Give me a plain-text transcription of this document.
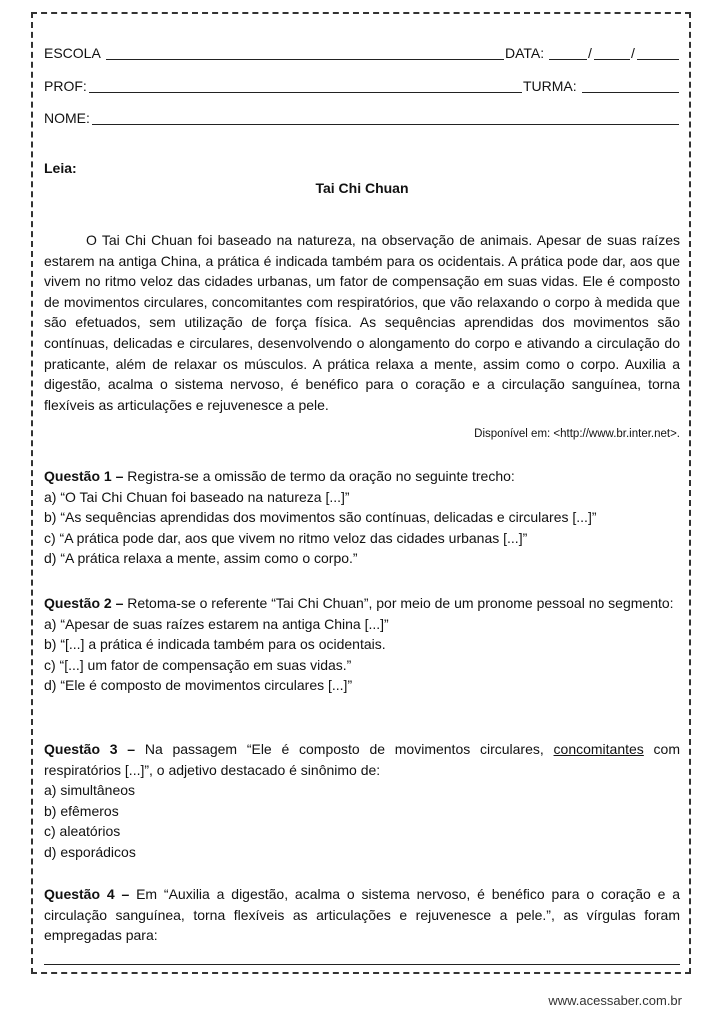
ESCOLA	DATA:	/	/
PROF:	TURMA:
NOME:
Leia:
Tai Chi Chuan

O Tai Chi Chuan foi baseado na natureza, na observação de animais. Apesar de suas raízes estarem na antiga China, a prática é indicada também para os ocidentais. A prática pode dar, aos que vivem no ritmo veloz das cidades urbanas, um fator de compensação em suas vidas. Ele é composto de movimentos circulares, concomitantes com respiratórios, que vão relaxando o corpo à medida que são efetuados, sem utilização de força física. As sequências aprendidas dos movimentos são contínuas, delicadas e circulares, desenvolvendo o alongamento do corpo e ativando a circulação do praticante, além de relaxar os músculos. A prática relaxa a mente, assim como o corpo. Auxilia a digestão, acalma o sistema nervoso, é benéfico para o coração e a circulação sanguínea, torna flexíveis as articulações e rejuvenesce a pele.

Disponível em: <http://www.br.inter.net>.

Questão 1 – Registra-se a omissão de termo da oração no seguinte trecho:

a) “O Tai Chi Chuan foi baseado na natureza [...]”

b) “As sequências aprendidas dos movimentos são contínuas, delicadas e circulares [...]”

c) “A prática pode dar, aos que vivem no ritmo veloz das cidades urbanas [...]”

d) “A prática relaxa a mente, assim como o corpo.”

Questão 2 – Retoma-se o referente “Tai Chi Chuan”, por meio de um pronome pessoal no segmento:

a) “Apesar de suas raízes estarem na antiga China [...]”

b) “[...] a prática é indicada também para os ocidentais.

c) “[...] um fator de compensação em suas vidas.”

d) “Ele é composto de movimentos circulares [...]”

Questão 3 – Na passagem “Ele é composto de movimentos circulares, concomitantes com respiratórios [...]”, o adjetivo destacado é sinônimo de:

a) simultâneos

b) efêmeros

c) aleatórios

d) esporádicos

Questão 4 – Em “Auxilia a digestão, acalma o sistema nervoso, é benéfico para o coração e a circulação sanguínea, torna flexíveis as articulações e rejuvenesce a pele.”, as vírgulas foram empregadas para:

www.acessaber.com.br
